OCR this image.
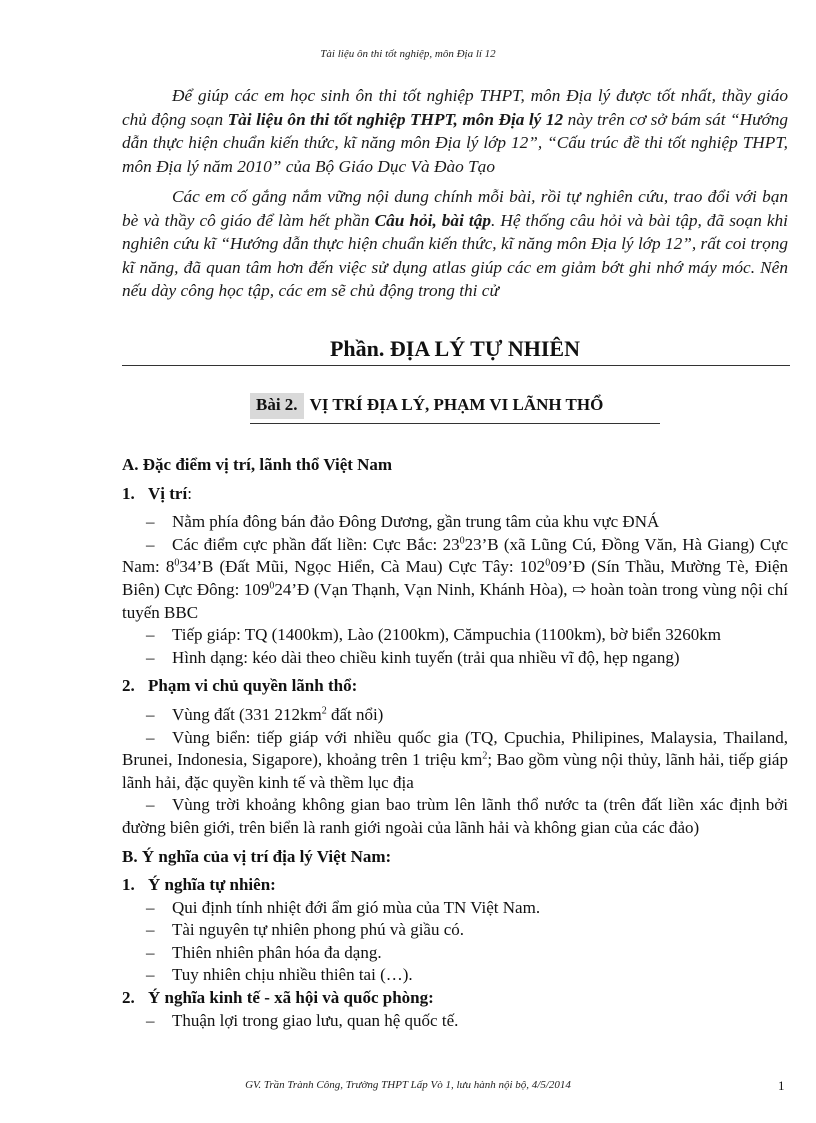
Tài liệu ôn thi tốt nghiệp, môn Địa lí 12

Để giúp các em học sinh ôn thi tốt nghiệp THPT, môn Địa lý được tốt nhất, thầy giáo chủ động soạn Tài liệu ôn thi tốt nghiệp THPT, môn Địa lý 12 này trên cơ sở bám sát “Hướng dẫn thực hiện chuẩn kiến thức, kĩ năng môn Địa lý lớp 12”, “Cấu trúc đề thi tốt nghiệp THPT, môn Địa lý năm 2010” của Bộ Giáo Dục Và Đào Tạo

Các em cố gắng nắm vững nội dung chính mỗi bài, rồi tự nghiên cứu, trao đổi với bạn bè và thầy cô giáo để làm hết phần Câu hỏi, bài tập. Hệ thống câu hỏi và bài tập, đã soạn khi nghiên cứu kĩ “Hướng dẫn thực hiện chuẩn kiến thức, kĩ năng môn Địa lý lớp 12”, rất coi trọng kĩ năng, đã quan tâm hơn đến việc sử dụng atlas giúp các em giảm bớt ghi nhớ máy móc. Nên nếu dày công học tập, các em sẽ chủ động trong thi cử

Phần. ĐỊA LÝ TỰ NHIÊN
Bài 2. VỊ TRÍ ĐỊA LÝ, PHẠM VI LÃNH THỔ

A. Đặc điểm vị trí, lãnh thổ Việt Nam

1. Vị trí:

– Nằm phía đông bán đảo Đông Dương, gần trung tâm của khu vực ĐNÁ

– Các điểm cực phần đất liền: Cực Bắc: $23^023’B$ (xã Lũng Cú, Đồng Văn, Hà Giang) Cực Nam: $8^034’B$ (Đất Mũi, Ngọc Hiển, Cà Mau) Cực Tây: $102^009’Đ$ (Sín Thầu, Mường Tè, Điện Biên) Cực Đông: $109^024’Đ$ (Vạn Thạnh, Vạn Ninh, Khánh Hòa), ⇨ hoàn toàn trong vùng nội chí tuyến BBC

– Tiếp giáp: TQ (1400km), Lào (2100km), Cămpuchia (1100km), bờ biển 3260km

– Hình dạng: kéo dài theo chiều kinh tuyến (trải qua nhiều vĩ độ, hẹp ngang)

2. Phạm vi chủ quyền lãnh thổ:

– Vùng đất (331 $212km^2$ đất nổi)

– Vùng biển: tiếp giáp với nhiều quốc gia (TQ, Cpuchia, Philipines, Malaysia, Thailand, Brunei, Indonesia, Sigapore), khoảng trên 1 triệu $km^2$; Bao gồm vùng nội thủy, lãnh hải, tiếp giáp lãnh hải, đặc quyền kinh tế và thềm lục địa

– Vùng trời khoảng không gian bao trùm lên lãnh thổ nước ta (trên đất liền xác định bởi đường biên giới, trên biển là ranh giới ngoài của lãnh hải và không gian của các đảo)

B. Ý nghĩa của vị trí địa lý Việt Nam:

1. Ý nghĩa tự nhiên:

– Qui định tính nhiệt đới ẩm gió mùa của TN Việt Nam.

– Tài nguyên tự nhiên phong phú và giầu có.

– Thiên nhiên phân hóa đa dạng.

– Tuy nhiên chịu nhiều thiên tai (…).

2. Ý nghĩa kinh tế - xã hội và quốc phòng:

– Thuận lợi trong giao lưu, quan hệ quốc tế.

GV. Trần Trành Công, Trường THPT Lấp Vò 1, lưu hành nội bộ, 4/5/2014	1
